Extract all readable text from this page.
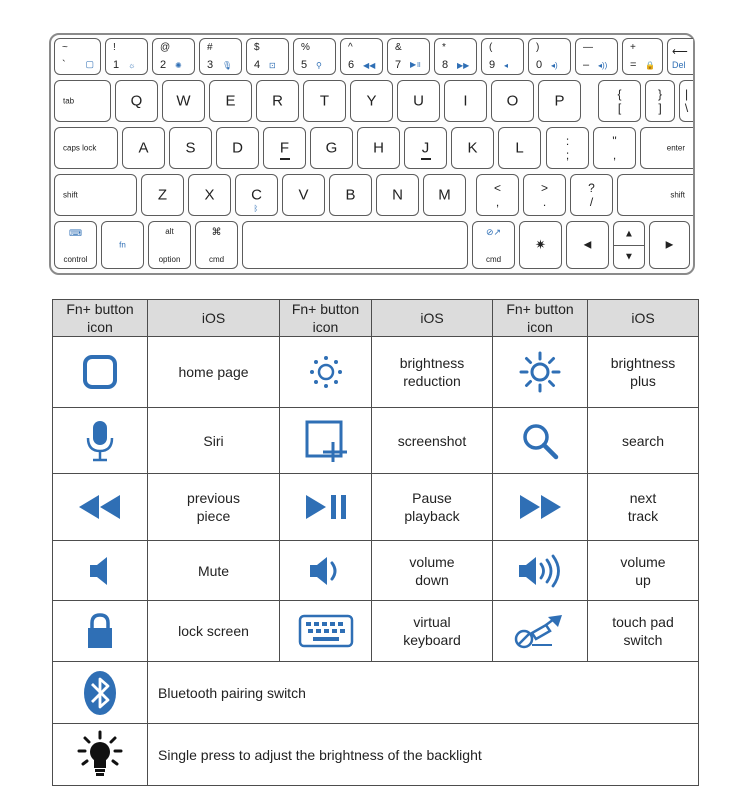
~
` ▢
!
1 ☼
@
2 ✺
#
3 🎙
$
4 ⊡
%
5 ⚲
^
6 ◀◀
&
7 ▶॥
*
8 ▶▶
(
9 ◂
)
0 ◂)
—
– ◂))
+
= 🔒
⟵
Del
tab	Q	W	E	R	T	Y	U	I	O	P	{
[
}
]
|
\
caps lock	A	S	D	F	G	H	J	K	L	:
;
"
,	enter
shift	Z	X	C
ᛒ
V	B	N	M	<
,
>
.
?
/	shift
⌨
control
fn
alt
option
⌘
cmd
⊘↗
cmd
✷	◀
▲
▼
▶
Fn+ button icon	iOS	Fn+ button icon	iOS	Fn+ button icon	iOS

	home page		brightness
reduction		brightness
plus

	Siri		screenshot		search

	previous
piece		Pause
playback		next
track

	Mute		volume
down		volume
up

	lock screen		virtual
keyboard		touch pad
switch

	Bluetooth pairing switch				

	Single press to adjust the brightness of the backlight				
